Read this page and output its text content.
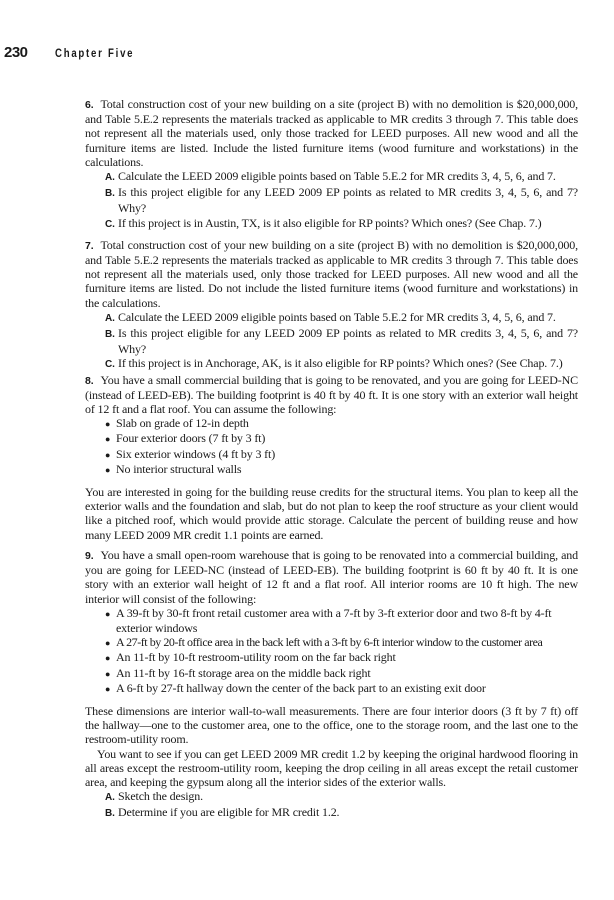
230 Chapter Five

6. Total construction cost of your new building on a site (project B) with no demolition is $20,000,000, and Table 5.E.2 represents the materials tracked as applicable to MR credits 3 through 7. This table does not represent all the materials used, only those tracked for LEED purposes. All new wood and all the furniture items are listed. Include the listed furniture items (wood furniture and workstations) in the calculations.

A. Calculate the LEED 2009 eligible points based on Table 5.E.2 for MR credits 3, 4, 5, 6, and 7.

B. Is this project eligible for any LEED 2009 EP points as related to MR credits 3, 4, 5, 6, and 7? Why?

C. If this project is in Austin, TX, is it also eligible for RP points? Which ones? (See Chap. 7.)

7. Total construction cost of your new building on a site (project B) with no demolition is $20,000,000, and Table 5.E.2 represents the materials tracked as applicable to MR credits 3 through 7. This table does not represent all the materials used, only those tracked for LEED purposes. All new wood and all the furniture items are listed. Do not include the listed furniture items (wood furniture and workstations) in the calculations.

A. Calculate the LEED 2009 eligible points based on Table 5.E.2 for MR credits 3, 4, 5, 6, and 7.

B. Is this project eligible for any LEED 2009 EP points as related to MR credits 3, 4, 5, 6, and 7? Why?

C. If this project is in Anchorage, AK, is it also eligible for RP points? Which ones? (See Chap. 7.)

8. You have a small commercial building that is going to be renovated, and you are going for LEED-NC (instead of LEED-EB). The building footprint is 40 ft by 40 ft. It is one story with an exterior wall height of 12 ft and a flat roof. You can assume the following:

● Slab on grade of 12-in depth
● Four exterior doors (7 ft by 3 ft)
● Six exterior windows (4 ft by 3 ft)
● No interior structural walls

You are interested in going for the building reuse credits for the structural items. You plan to keep all the exterior walls and the foundation and slab, but do not plan to keep the roof structure as your client would like a pitched roof, which would provide attic storage. Calculate the percent of building reuse and how many LEED 2009 MR credit 1.1 points are earned.

9. You have a small open-room warehouse that is going to be renovated into a commercial building, and you are going for LEED-NC (instead of LEED-EB). The building footprint is 60 ft by 40 ft. It is one story with an exterior wall height of 12 ft and a flat roof. All interior rooms are 10 ft high. The new interior will consist of the following:

● A 39-ft by 30-ft front retail customer area with a 7-ft by 3-ft exterior door and two 8-ft by 4-ft exterior windows
● A 27-ft by 20-ft office area in the back left with a 3-ft by 6-ft interior window to the customer area
● An 11-ft by 10-ft restroom-utility room on the far back right
● An 11-ft by 16-ft storage area on the middle back right
● A 6-ft by 27-ft hallway down the center of the back part to an existing exit door

These dimensions are interior wall-to-wall measurements. There are four interior doors (3 ft by 7 ft) off the hallway—one to the customer area, one to the office, one to the storage room, and the last one to the restroom-utility room.

You want to see if you can get LEED 2009 MR credit 1.2 by keeping the original hardwood flooring in all areas except the restroom-utility room, keeping the drop ceiling in all areas except the retail customer area, and keeping the gypsum along all the interior sides of the exterior walls.

A. Sketch the design.

B. Determine if you are eligible for MR credit 1.2.
